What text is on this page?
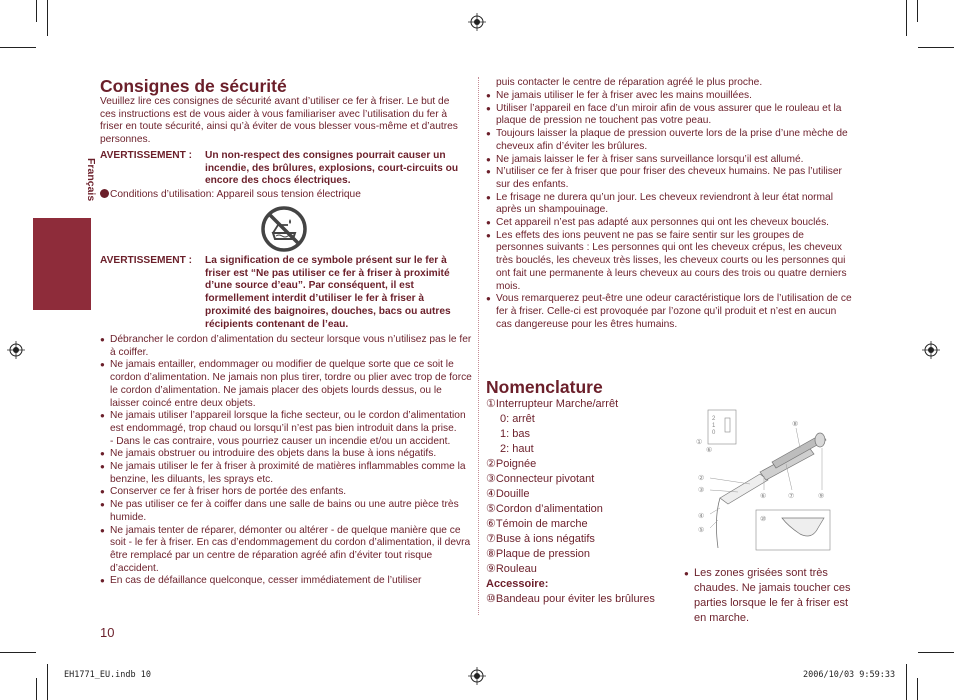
Français
Consignes de sécurité
Veuillez lire ces consignes de sécurité avant d’utiliser ce fer à friser. Le but de ces instructions est de vous aider à vous familiariser avec l’utilisation du fer à friser en toute sécurité, ainsi qu’à éviter de vous blesser vous-même et d’autres personnes.
AVERTISSEMENT : Un non-respect des consignes pourrait causer un incendie, des brûlures, explosions, court-circuits ou encore des chocs électriques.
Conditions d’utilisation: Appareil sous tension électrique
AVERTISSEMENT : La signification de ce symbole présent sur le fer à friser est “Ne pas utiliser ce fer à friser à proximité d’une source d’eau”. Par conséquent, il est formellement interdit d’utiliser le fer à friser à proximité des baignoires, douches, bacs ou autres récipients contenant de l’eau.
● Débrancher le cordon d’alimentation du secteur lorsque vous n’utilisez pas le fer à coiffer.
● Ne jamais entailler, endommager ou modifier de quelque sorte que ce soit le cordon d’alimentation. Ne jamais non plus tirer, tordre ou plier avec trop de force le cordon d’alimentation. Ne jamais placer des objets lourds dessus, ou le laisser coincé entre deux objets.
● Ne jamais utiliser l’appareil lorsque la fiche secteur, ou le cordon d’alimentation est endommagé, trop chaud ou lorsqu’il n’est pas bien introduit dans la prise.
- Dans le cas contraire, vous pourriez causer un incendie et/ou un accident.
● Ne jamais obstruer ou introduire des objets dans la buse à ions négatifs.
● Ne jamais utiliser le fer à friser à proximité de matières inflammables comme la benzine, les diluants, les sprays etc.
● Conserver ce fer à friser hors de portée des enfants.
● Ne pas utiliser ce fer à coiffer dans une salle de bains ou une autre pièce très humide.
● Ne jamais tenter de réparer, démonter ou altérer - de quelque manière que ce soit - le fer à friser. En cas d’endommagement du cordon d’alimentation, il devra être remplacé par un centre de réparation agréé afin d’éviter tout risque d’accident.
● En cas de défaillance quelconque, cesser immédiatement de l’utiliser
puis contacter le centre de réparation agréé le plus proche.
● Ne jamais utiliser le fer à friser avec les mains mouillées.
● Utiliser l’appareil en face d’un miroir afin de vous assurer que le rouleau et la plaque de pression ne touchent pas votre peau.
● Toujours laisser la plaque de pression ouverte lors de la prise d’une mèche de cheveux afin d’éviter les brûlures.
● Ne jamais laisser le fer à friser sans surveillance lorsqu’il est allumé.
● N’utiliser ce fer à friser que pour friser des cheveux humains. Ne pas l’utiliser sur des enfants.
● Le frisage ne durera qu’un jour. Les cheveux reviendront à leur état normal après un shampouinage.
● Cet appareil n’est pas adapté aux personnes qui ont les cheveux bouclés.
● Les effets des ions peuvent ne pas se faire sentir sur les groupes de personnes suivants : Les personnes qui ont les cheveux crépus, les cheveux très bouclés, les cheveux très lisses, les cheveux courts ou les personnes qui ont fait une permanente à leurs cheveux au cours des trois ou quatre derniers mois.
● Vous remarquerez peut-être une odeur caractéristique lors de l’utilisation de ce fer à friser. Celle-ci est provoquée par l’ozone qu’il produit et n’est en aucun cas dangereuse pour les êtres humains.
Nomenclature
①Interrupteur Marche/arrêt
0: arrêt
1: bas
2: haut
②Poignée
③Connecteur pivotant
④Douille
⑤Cordon d’alimentation
⑥Témoin de marche
⑦Buse à ions négatifs
⑧Plaque de pression
⑨Rouleau
Accessoire:
⑩Bandeau pour éviter les brûlures
2
1
0
①
⑥
⑧
②
③
⑥	⑦	⑨
④
⑤
⑩
● Les zones grisées sont très chaudes. Ne jamais toucher ces parties lorsque le fer à friser est en marche.
10
EH1771_EU.indb 10	2006/10/03 9:59:33
